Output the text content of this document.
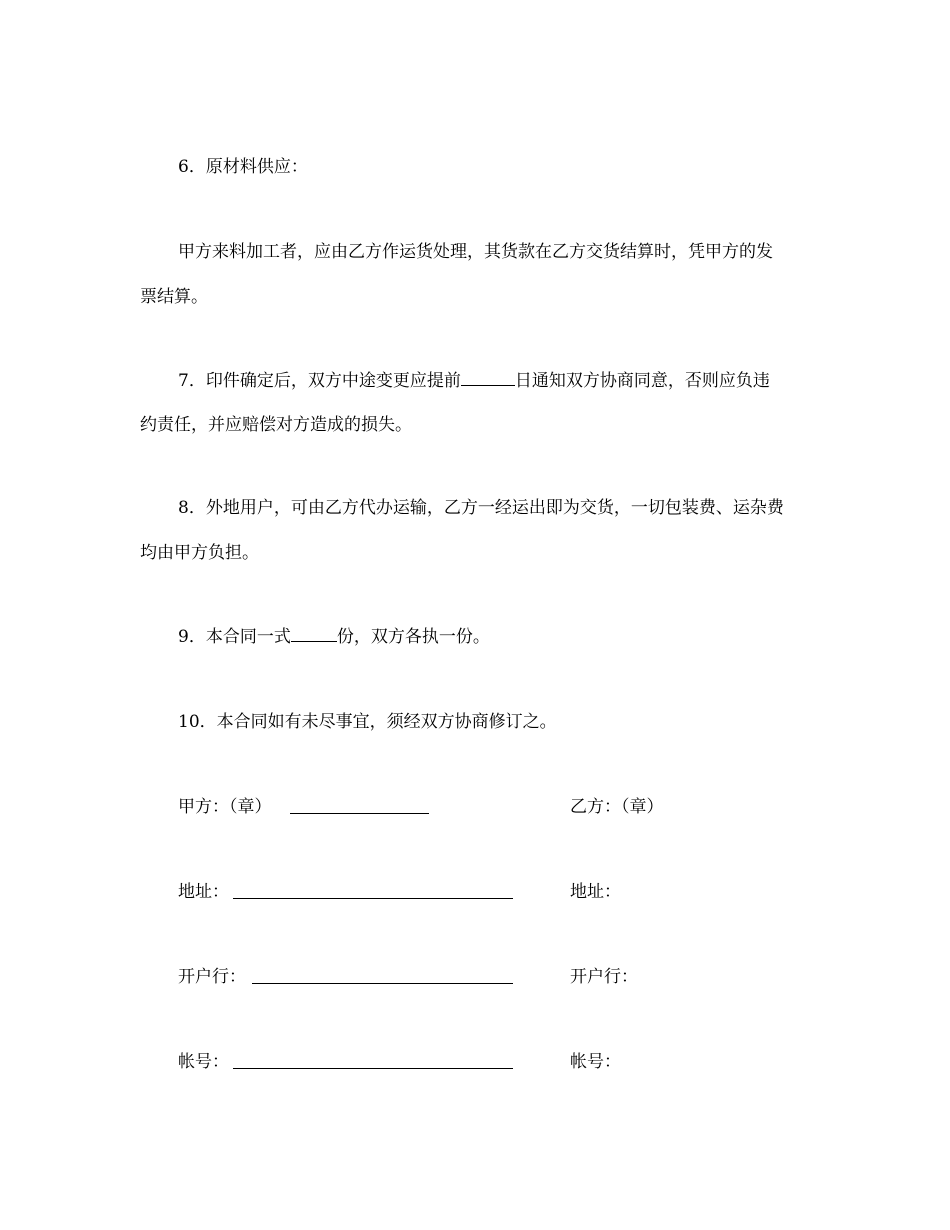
6．原材料供应：
甲方来料加工者，应由乙方作运货处理，其货款在乙方交货结算时，凭甲方的发
票结算。
7．印件确定后，双方中途变更应提前	日通知双方协商同意，否则应负违
约责任，并应赔偿对方造成的损失。
8．外地用户，可由乙方代办运输，乙方一经运出即为交货，一切包装费、运杂费
均由甲方负担。
9．本合同一式	份，双方各执一份。
10．本合同如有未尽事宜，须经双方协商修订之。
甲方：（章）	乙方：（章）
地址：	地址：
开户行：	开户行：
帐号：	帐号：
